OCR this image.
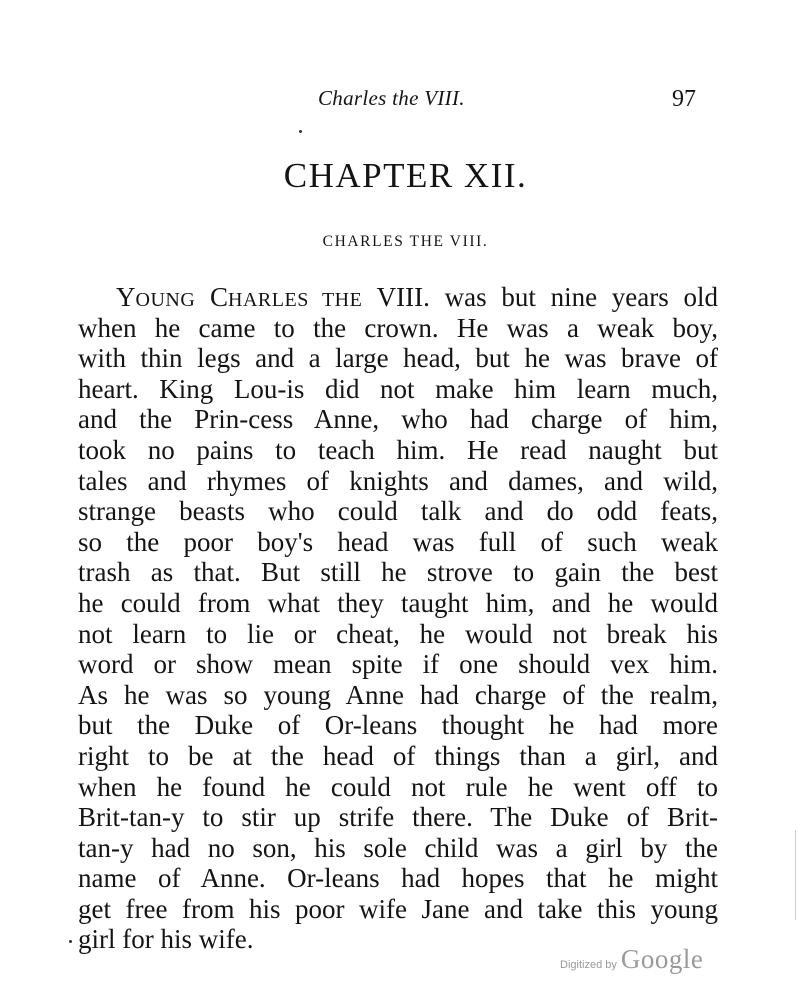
Charles the VIII.	97
CHAPTER XII.
CHARLES THE VIII.
YOUNG CHARLES THE VIII. was but nine years old
when he came to the crown. He was a weak boy,
with thin legs and a large head, but he was brave of
heart. King Lou-is did not make him learn much,
and the Prin-cess Anne, who had charge of him,
took no pains to teach him. He read naught but
tales and rhymes of knights and dames, and wild,
strange beasts who could talk and do odd feats,
so the poor boy's head was full of such weak
trash as that. But still he strove to gain the best
he could from what they taught him, and he would
not learn to lie or cheat, he would not break his
word or show mean spite if one should vex him.
As he was so young Anne had charge of the realm,
but the Duke of Or-leans thought he had more
right to be at the head of things than a girl, and
when he found he could not rule he went off to
Brit-tan-y to stir up strife there. The Duke of Brit-
tan-y had no son, his sole child was a girl by the
name of Anne. Or-leans had hopes that he might
get free from his poor wife Jane and take this young
girl for his wife.
Digitized by Google
